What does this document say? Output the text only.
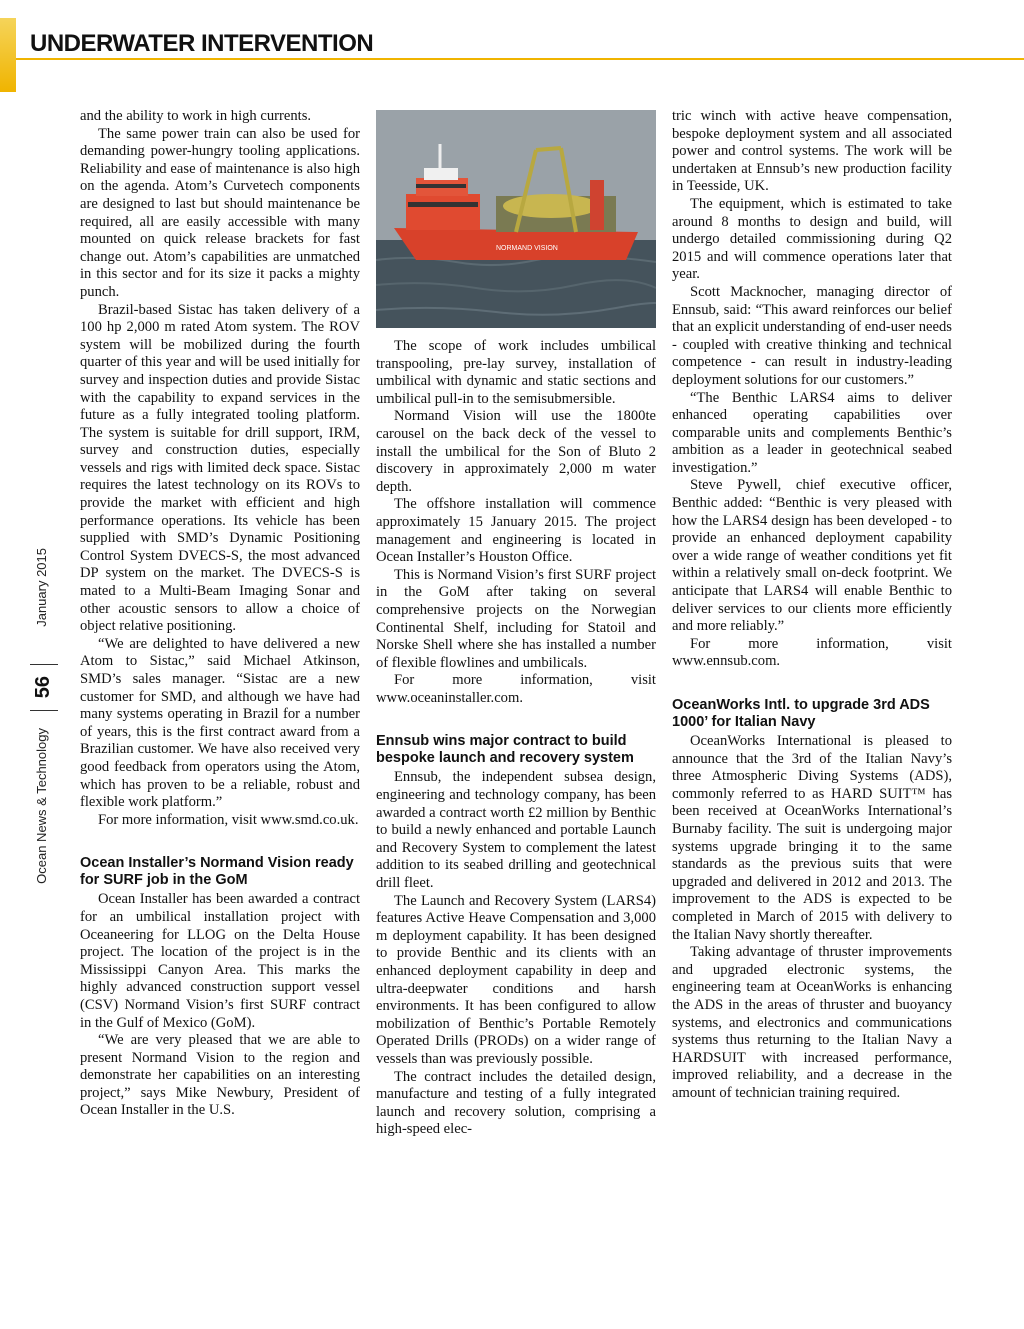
UNDERWATER INTERVENTION
January 2015
56
Ocean News & Technology

and the ability to work in high currents.

The same power train can also be used for demanding power-hungry tooling applications. Reliability and ease of maintenance is also high on the agenda. Atom’s Curvetech components are designed to last but should maintenance be required, all are easily accessible with many mounted on quick release brackets for fast change out. Atom’s capabilities are unmatched in this sector and for its size it packs a mighty punch.

Brazil-based Sistac has taken delivery of a 100 hp 2,000 m rated Atom system. The ROV system will be mobilized during the fourth quarter of this year and will be used initially for survey and inspection duties and provide Sistac with the capability to expand services in the future as a fully integrated tooling platform. The system is suitable for drill support, IRM, survey and construction duties, especially vessels and rigs with limited deck space. Sistac requires the latest technology on its ROVs to provide the market with efficient and high performance operations. Its vehicle has been supplied with SMD’s Dynamic Positioning Control System DVECS-S, the most advanced DP system on the market. The DVECS-S is mated to a Multi-Beam Imaging Sonar and other acoustic sensors to allow a choice of object relative positioning.

“We are delighted to have delivered a new Atom to Sistac,” said Michael Atkinson, SMD’s sales manager. “Sistac are a new customer for SMD, and although we have had many systems operating in Brazil for a number of years, this is the first contract award from a Brazilian customer. We have also received very good feedback from operators using the Atom, which has proven to be a reliable, robust and flexible work platform.”

For more information, visit www.smd.co.uk.

Ocean Installer’s Normand Vision ready for SURF job in the GoM

Ocean Installer has been awarded a contract for an umbilical installation project with Oceaneering for LLOG on the Delta House project. The location of the project is in the Mississippi Canyon Area. This marks the highly advanced construction support vessel (CSV) Normand Vision’s first SURF contract in the Gulf of Mexico (GoM).

“We are very pleased that we are able to present Normand Vision to the region and demonstrate her capabilities on an interesting project,” says Mike Newbury, President of Ocean Installer in the U.S.

NORMAND VISION

The scope of work includes umbilical transpooling, pre-lay survey, installation of umbilical with dynamic and static sections and umbilical pull-in to the semisubmersible.

Normand Vision will use the 1800te carousel on the back deck of the vessel to install the umbilical for the Son of Bluto 2 discovery in approximately 2,000 m water depth.

The offshore installation will commence approximately 15 January 2015. The project management and engineering is located in Ocean Installer’s Houston Office.

This is Normand Vision’s first SURF project in the GoM after taking on several comprehensive projects on the Norwegian Continental Shelf, including for Statoil and Norske Shell where she has installed a number of flexible flowlines and umbilicals.

For more information, visit www.oceaninstaller.com.

Ennsub wins major contract to build bespoke launch and recovery system

Ennsub, the independent subsea design, engineering and technology company, has been awarded a contract worth £2 million by Benthic to build a newly enhanced and portable Launch and Recovery System to complement the latest addition to its seabed drilling and geotechnical drill fleet.

The Launch and Recovery System (LARS4) features Active Heave Compensation and 3,000 m deployment capability. It has been designed to provide Benthic and its clients with an enhanced deployment capability in deep and ultra-deepwater conditions and harsh environments. It has been configured to allow mobilization of Benthic’s Portable Remotely Operated Drills (PRODs) on a wider range of vessels than was previously possible.

The contract includes the detailed design, manufacture and testing of a fully integrated launch and recovery solution, comprising a high-speed elec-

tric winch with active heave compensation, bespoke deployment system and all associated power and control systems. The work will be undertaken at Ennsub’s new production facility in Teesside, UK.

The equipment, which is estimated to take around 8 months to design and build, will undergo detailed commissioning during Q2 2015 and will commence operations later that year.

Scott Macknocher, managing director of Ennsub, said: “This award reinforces our belief that an explicit understanding of end-user needs - coupled with creative thinking and technical competence - can result in industry-leading deployment solutions for our customers.”

“The Benthic LARS4 aims to deliver enhanced operating capabilities over comparable units and complements Benthic’s ambition as a leader in geotechnical seabed investigation.”

Steve Pywell, chief executive officer, Benthic added: “Benthic is very pleased with how the LARS4 design has been developed - to provide an enhanced deployment capability over a wide range of weather conditions yet fit within a relatively small on-deck footprint. We anticipate that LARS4 will enable Benthic to deliver services to our clients more efficiently and more reliably.”

For more information, visit www.ennsub.com.

OceanWorks Intl. to upgrade 3rd ADS 1000’ for Italian Navy

OceanWorks International is pleased to announce that the 3rd of the Italian Navy’s three Atmospheric Diving Systems (ADS), commonly referred to as HARD SUIT™ has been received at OceanWorks International’s Burnaby facility. The suit is undergoing major systems upgrade bringing it to the same standards as the previous suits that were upgraded and delivered in 2012 and 2013. The improvement to the ADS is expected to be completed in March of 2015 with delivery to the Italian Navy shortly thereafter.

Taking advantage of thruster improvements and upgraded electronic systems, the engineering team at OceanWorks is enhancing the ADS in the areas of thruster and buoyancy systems, and electronics and communications systems thus returning to the Italian Navy a HARDSUIT with increased performance, improved reliability, and a decrease in the amount of technician training required.
